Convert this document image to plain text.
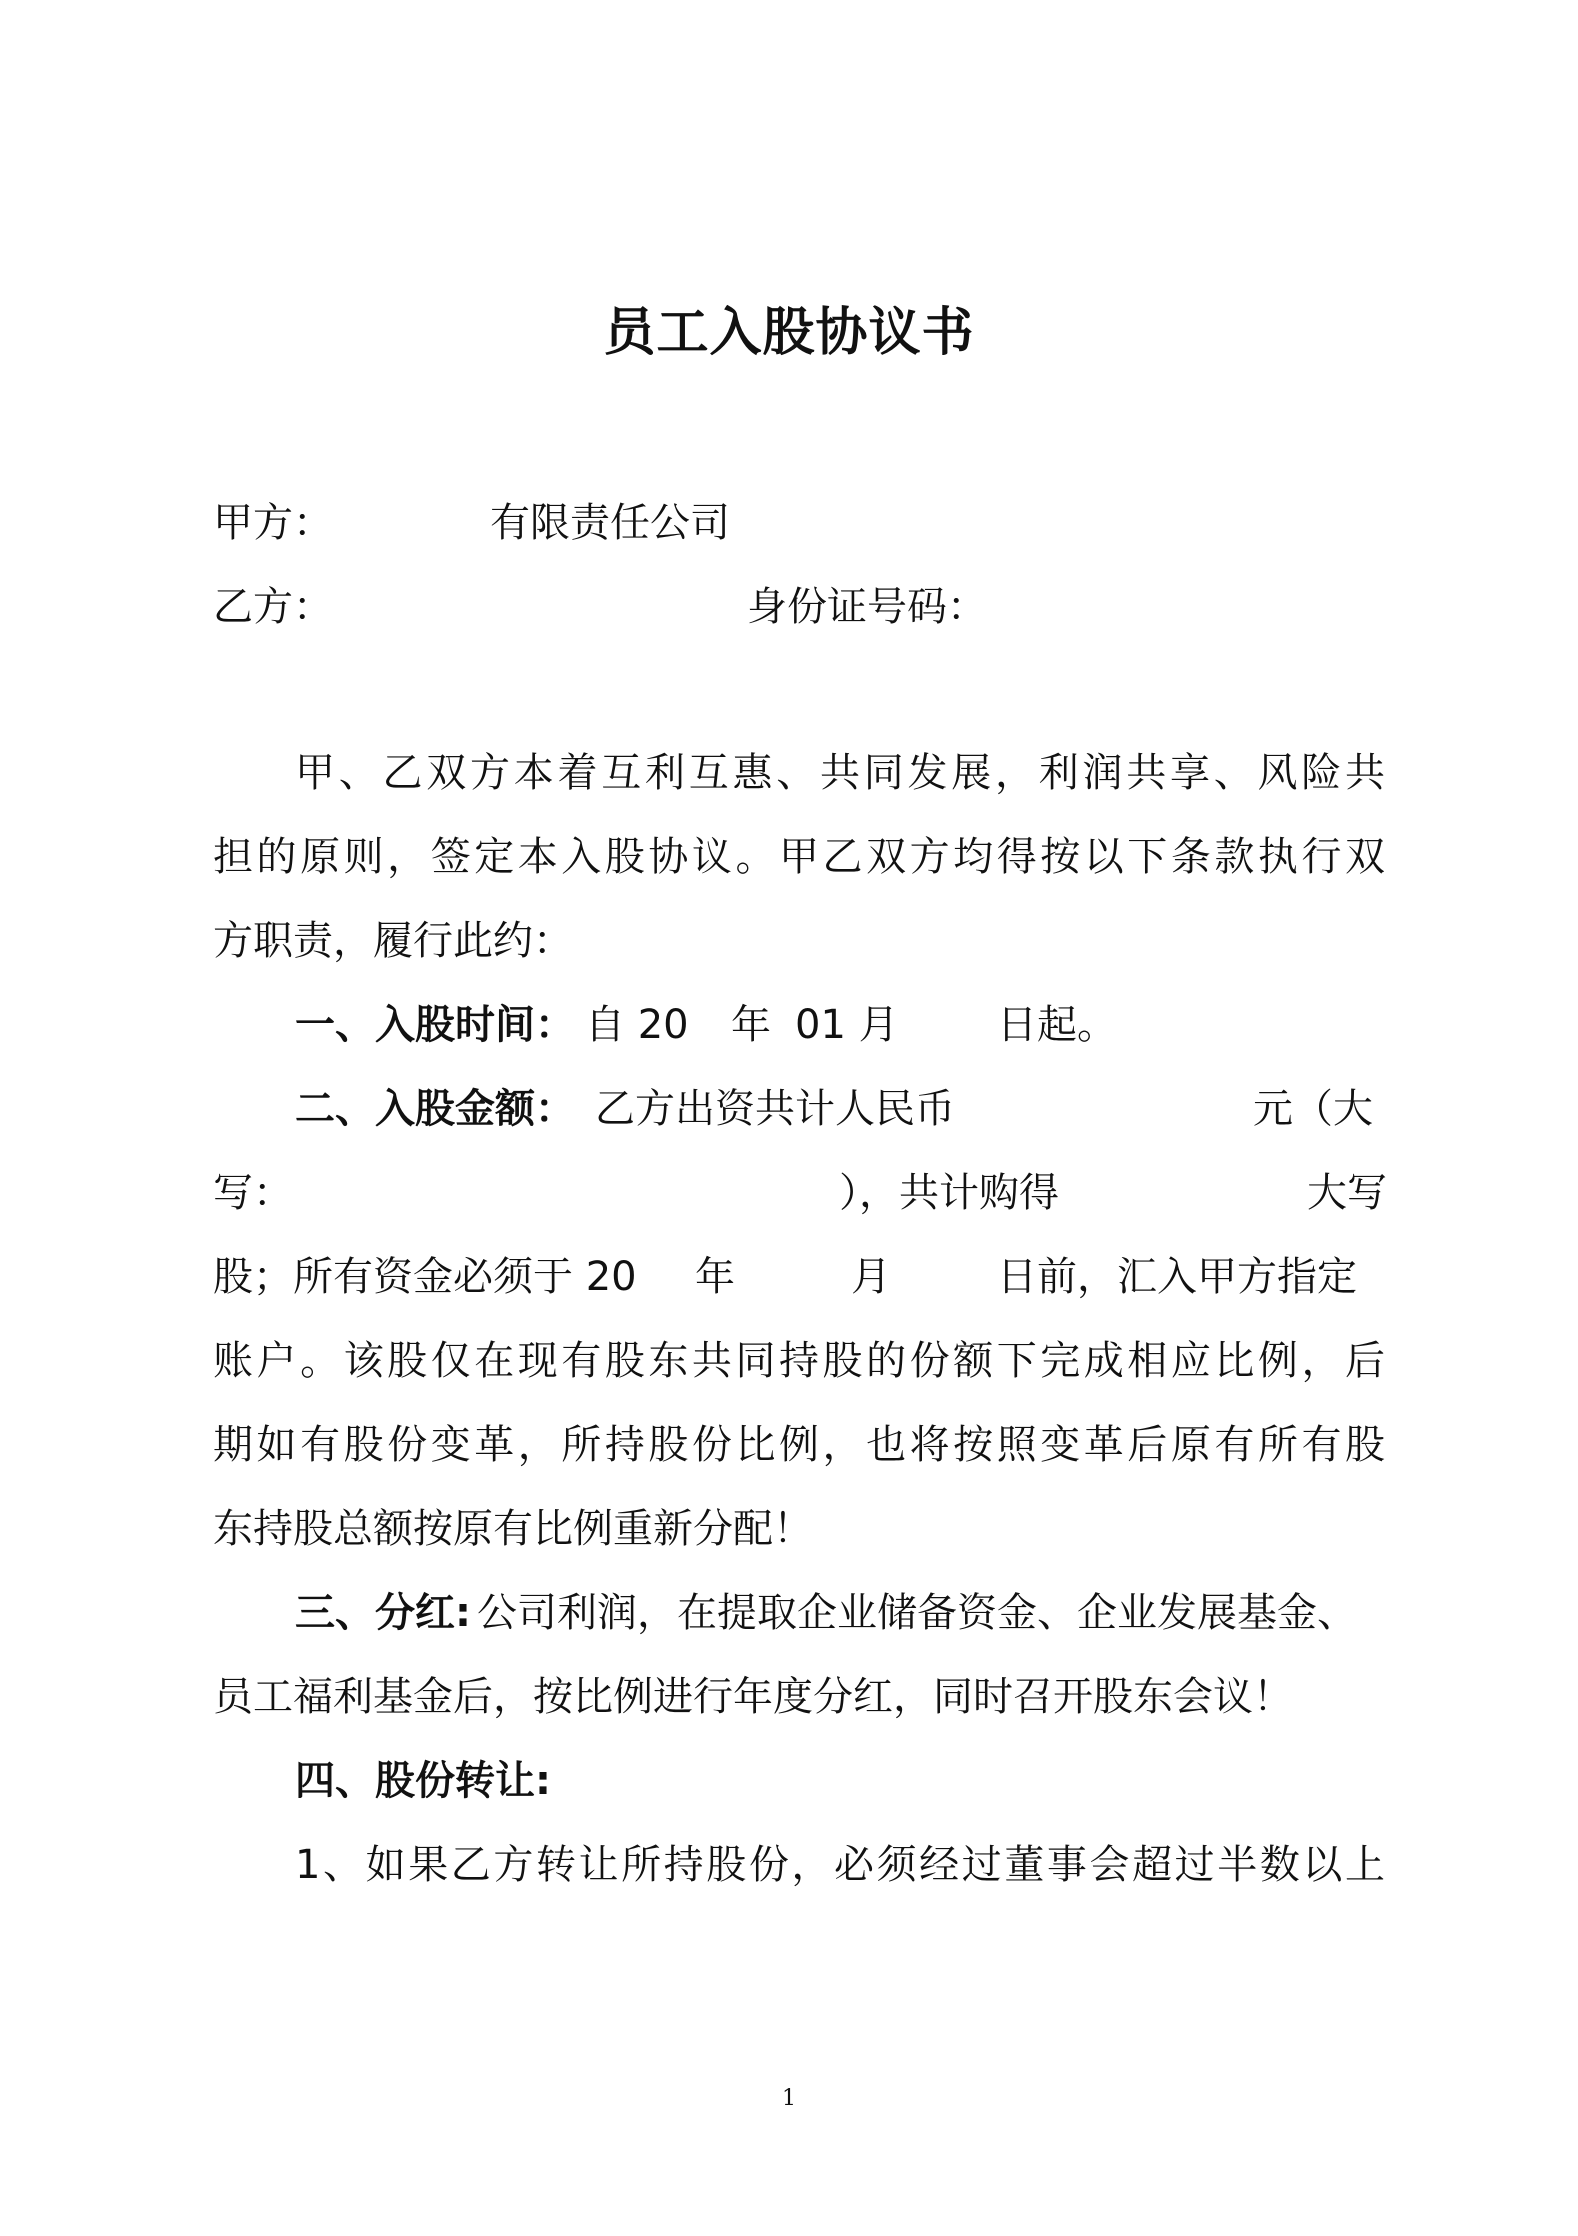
员工入股协议书
甲方：	有限责任公司
乙方：	身份证号码：
甲、乙双方本着互利互惠、共同发展，利润共享、风险共
担的原则，签定本入股协议。甲乙双方均得按以下条款执行双
方职责，履行此约：
一、入股时间： 自 20 年 01 月 日起。
二、入股金额： 乙方出资共计人民币	元（大
写：	），共计购得	大写
股；所有资金必须于 20 年	月	日前，汇入甲方指定
账户。该股仅在现有股东共同持股的份额下完成相应比例，后
期如有股份变革，所持股份比例，也将按照变革后原有所有股
东持股总额按原有比例重新分配！
三、分红: 公司利润，在提取企业储备资金、企业发展基金、
员工福利基金后，按比例进行年度分红，同时召开股东会议！
四、股份转让:
1、如果乙方转让所持股份，必须经过董事会超过半数以上
1
